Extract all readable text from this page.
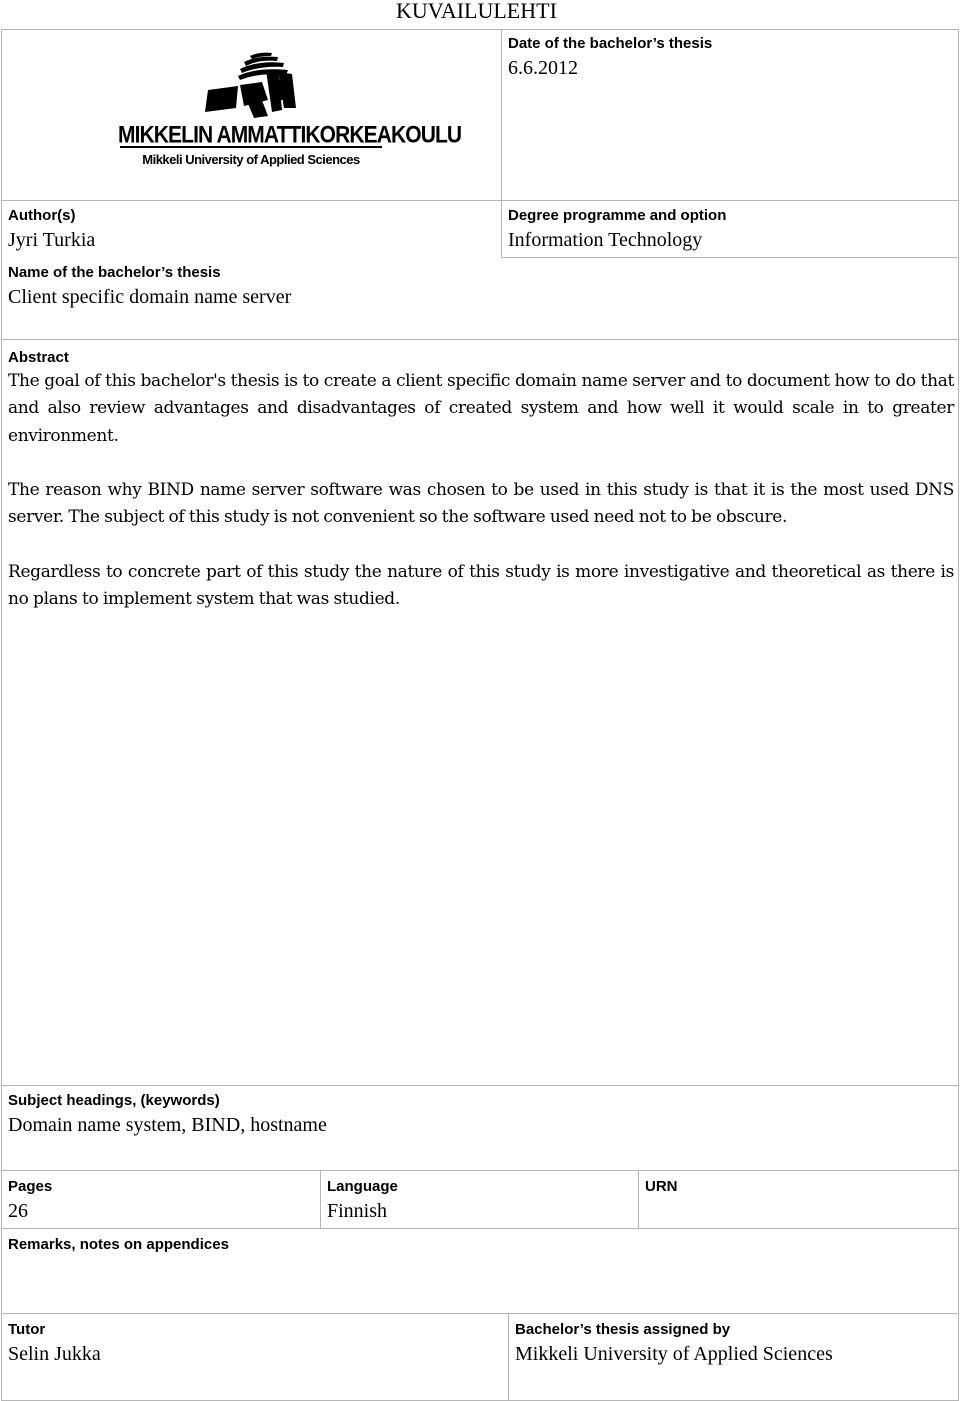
KUVAILULEHTI
MIKKELIN AMMATTIKORKEAKOULU
Mikkeli University of Applied Sciences
Date of the bachelor’s thesis
6.6.2012
Author(s)
Jyri Turkia
Degree programme and option
Information Technology
Name of the bachelor’s thesis
Client specific domain name server
Abstract

The goal of this bachelor's thesis is to create a client specific domain name server and to document how to do that and also review advantages and disadvantages of created system and how well it would scale in to greater environment.

The reason why BIND name server software was chosen to be used in this study is that it is the most used DNS server. The subject of this study is not convenient so the software used need not to be obscure.

Regardless to concrete part of this study the nature of this study is more investigative and theoretical as there is no plans to implement system that was studied.

Subject headings, (keywords)
Domain name system, BIND, hostname
Pages
26
Language
Finnish
URN
Remarks, notes on appendices
Tutor
Selin Jukka
Bachelor’s thesis assigned by
Mikkeli University of Applied Sciences
